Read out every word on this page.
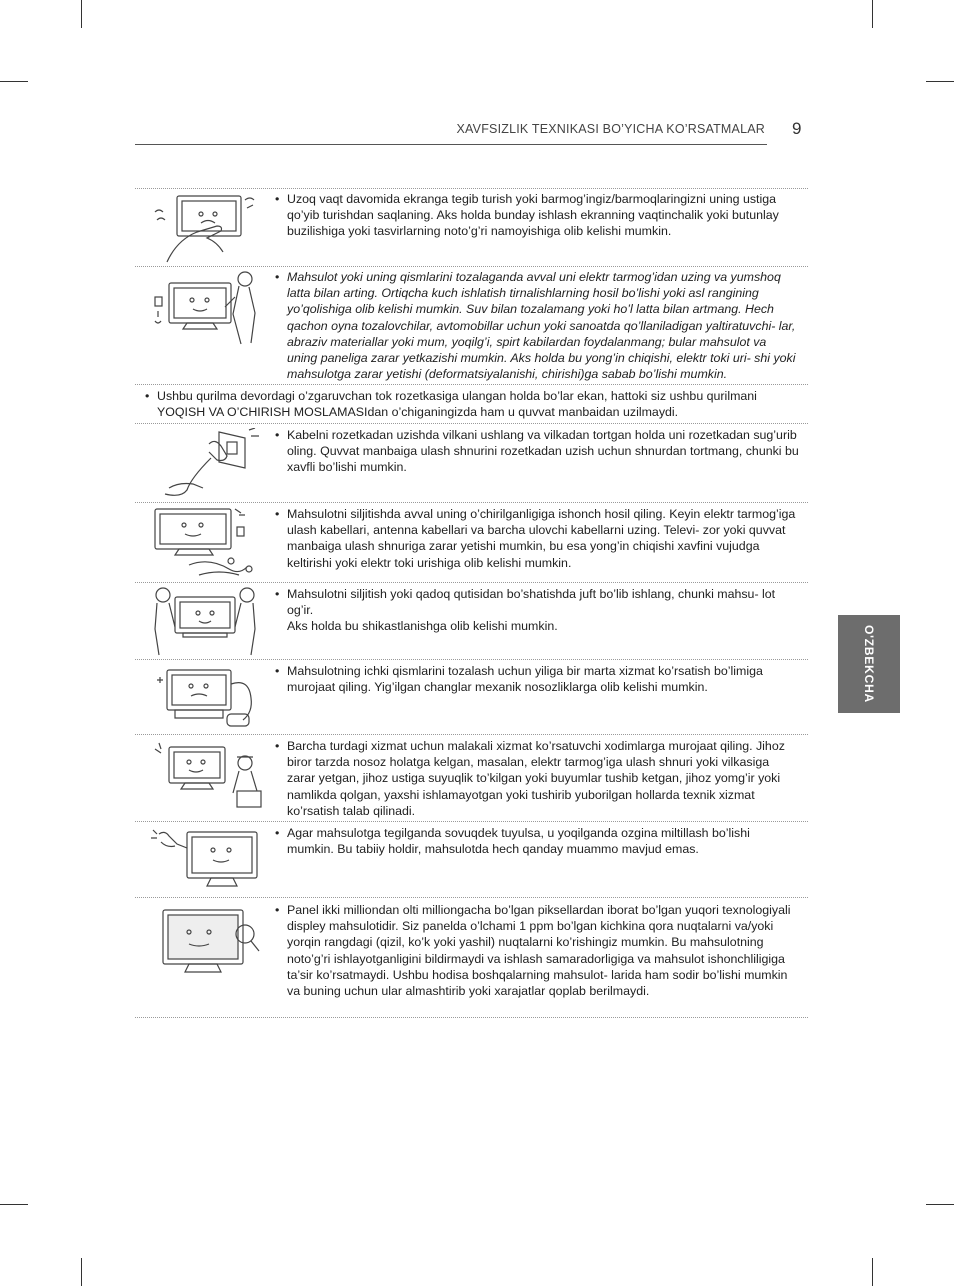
XAVFSIZLIK TEXNIKASI BO’YICHA KO’RSATMALAR 9
O'ZBEKCHA
• Uzoq vaqt davomida ekranga tegib turish yoki barmog’ingiz/barmoqlaringizni uning ustiga qo’yib turishdan saqlaning. Aks holda bunday ishlash ekranning vaqtinchalik yoki butunlay buzilishiga yoki tasvirlarning noto’g’ri namoyishiga olib kelishi mumkin.
• Mahsulot yoki uning qismlarini tozalaganda avval uni elektr tarmog’idan uzing va yumshoq latta bilan arting. Ortiqcha kuch ishlatish tirnalishlarning hosil bo’lishi yoki asl rangining yo’qolishiga olib kelishi mumkin. Suv bilan tozalamang yoki ho’l latta bilan artmang. Hech qachon oyna tozalovchilar, avtomobillar uchun yoki sanoatda qo’llaniladigan yaltiratuvchi- lar, abraziv materiallar yoki mum, yoqilg’i, spirt kabilardan foydalanmang; bular mahsulot va uning paneliga zarar yetkazishi mumkin. Aks holda bu yong’in chiqishi, elektr toki uri- shi yoki mahsulotga zarar yetishi (deformatsiyalanishi, chirishi)ga sabab bo’lishi mumkin.
• Ushbu qurilma devordagi o’zgaruvchan tok rozetkasiga ulangan holda bo’lar ekan, hattoki siz ushbu qurilmani YOQISH VA O’CHIRISH MOSLAMASIdan o’chiganingizda ham u quvvat manbaidan uzilmaydi.
• Kabelni rozetkadan uzishda vilkani ushlang va vilkadan tortgan holda uni rozetkadan sug’urib oling. Quvvat manbaiga ulash shnurini rozetkadan uzish uchun shnurdan tortmang, chunki bu xavfli bo’lishi mumkin.
• Mahsulotni siljitishda avval uning o’chirilganligiga ishonch hosil qiling. Keyin elektr tarmog’iga ulash kabellari, antenna kabellari va barcha ulovchi kabellarni uzing. Televi- zor yoki quvvat manbaiga ulash shnuriga zarar yetishi mumkin, bu esa yong’in chiqishi xavfini vujudga keltirishi yoki elektr toki urishiga olib kelishi mumkin.
• Mahsulotni siljitish yoki qadoq qutisidan bo’shatishda juft bo’lib ishlang, chunki mahsu- lot og’ir.
Aks holda bu shikastlanishga olib kelishi mumkin.
• Mahsulotning ichki qismlarini tozalash uchun yiliga bir marta xizmat ko’rsatish bo’limiga murojaat qiling. Yig’ilgan changlar mexanik nosozliklarga olib kelishi mumkin.
• Barcha turdagi xizmat uchun malakali xizmat ko’rsatuvchi xodimlarga murojaat qiling. Jihoz biror tarzda nosoz holatga kelgan, masalan, elektr tarmog’iga ulash shnuri yoki vilkasiga zarar yetgan, jihoz ustiga suyuqlik to’kilgan yoki buyumlar tushib ketgan, jihoz yomg’ir yoki namlikda qolgan, yaxshi ishlamayotgan yoki tushirib yuborilgan hollarda texnik xizmat ko’rsatish talab qilinadi.
• Agar mahsulotga tegilganda sovuqdek tuyulsa, u yoqilganda ozgina miltillash bo’lishi mumkin. Bu tabiiy holdir, mahsulotda hech qanday muammo mavjud emas.
• Panel ikki milliondan olti milliongacha bo’lgan piksellardan iborat bo’lgan yuqori texnologiyali displey mahsulotidir. Siz panelda o’lchami 1 ppm bo’lgan kichkina qora nuqtalarni va/yoki yorqin rangdagi (qizil, ko’k yoki yashil) nuqtalarni ko’rishingiz mumkin. Bu mahsulotning noto’g’ri ishlayotganligini bildirmaydi va ishlash samaradorligiga va mahsulot ishonchliligiga ta’sir ko’rsatmaydi. Ushbu hodisa boshqalarning mahsulot- larida ham sodir bo’lishi mumkin va buning uchun ular almashtirib yoki xarajatlar qoplab berilmaydi.
